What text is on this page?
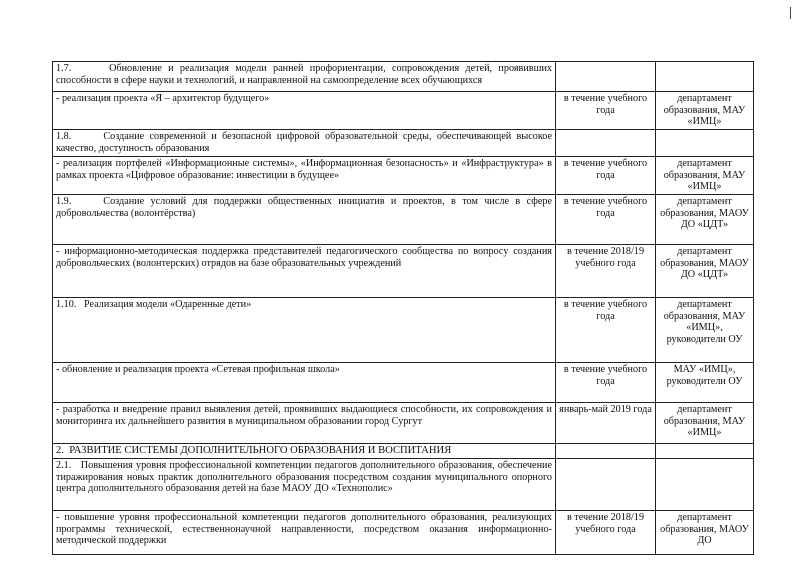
1.7.      Обновление и реализация модели ранней профориентации, сопровождения детей, проявивших способности в сфере науки и технологий, и направленной на самоопределение всех обучающихся		
- реализация проекта «Я – архитектор будущего»	в течение учебного года	департамент образования, МАУ «ИМЦ»
1.8.      Создание современной и безопасной цифровой образовательной среды, обеспечивающей высокое качество, доступность образования		
- реализация портфелей «Информационные системы», «Информационная безопасность» и «Инфраструктура» в рамках проекта «Цифровое образование: инвестиции в будущее»	в течение учебного года	департамент образования, МАУ «ИМЦ»
1.9.     Создание условий для поддержки общественных инициатив и проектов, в том числе в сфере добровольчества (волонтёрства)	в течение учебного года	департамент образования, МАОУ ДО «ЦДТ»
- информационно-методическая поддержка представителей педагогического сообщества по вопросу создания добровольческих (волонтерских) отрядов на базе образовательных учреждений	в течение 2018/19 учебного года	департамент образования, МАОУ ДО «ЦДТ»
1.10.   Реализация модели «Одаренные дети»	в течение учебного года	департамент образования, МАУ «ИМЦ», руководители ОУ
- обновление и реализация проекта «Сетевая профильная школа»	в течение учебного года	МАУ «ИМЦ», руководители ОУ
- разработка и внедрение правил выявления детей, проявивших выдающиеся способности, их сопровождения и мониторинга их дальнейшего развития в муниципальном образовании город Сургут	январь-май 2019 года	департамент образования, МАУ «ИМЦ»
2.  РАЗВИТИЕ СИСТЕМЫ ДОПОЛНИТЕЛЬНОГО ОБРАЗОВАНИЯ И ВОСПИТАНИЯ		
2.1.   Повышения уровня профессиональной компетенции педагогов дополнительного образования, обеспечение тиражирования новых практик дополнительного образования посредством создания муниципального опорного центра дополнительного образования детей на базе МАОУ ДО «Технополис»		
- повышение уровня профессиональной компетенции педагогов дополнительного образования, реализующих программы технической, естественнонаучной направленности, посредством оказания информационно-методической поддержки	в течение 2018/19 учебного года	департамент образования, МАОУ ДО
